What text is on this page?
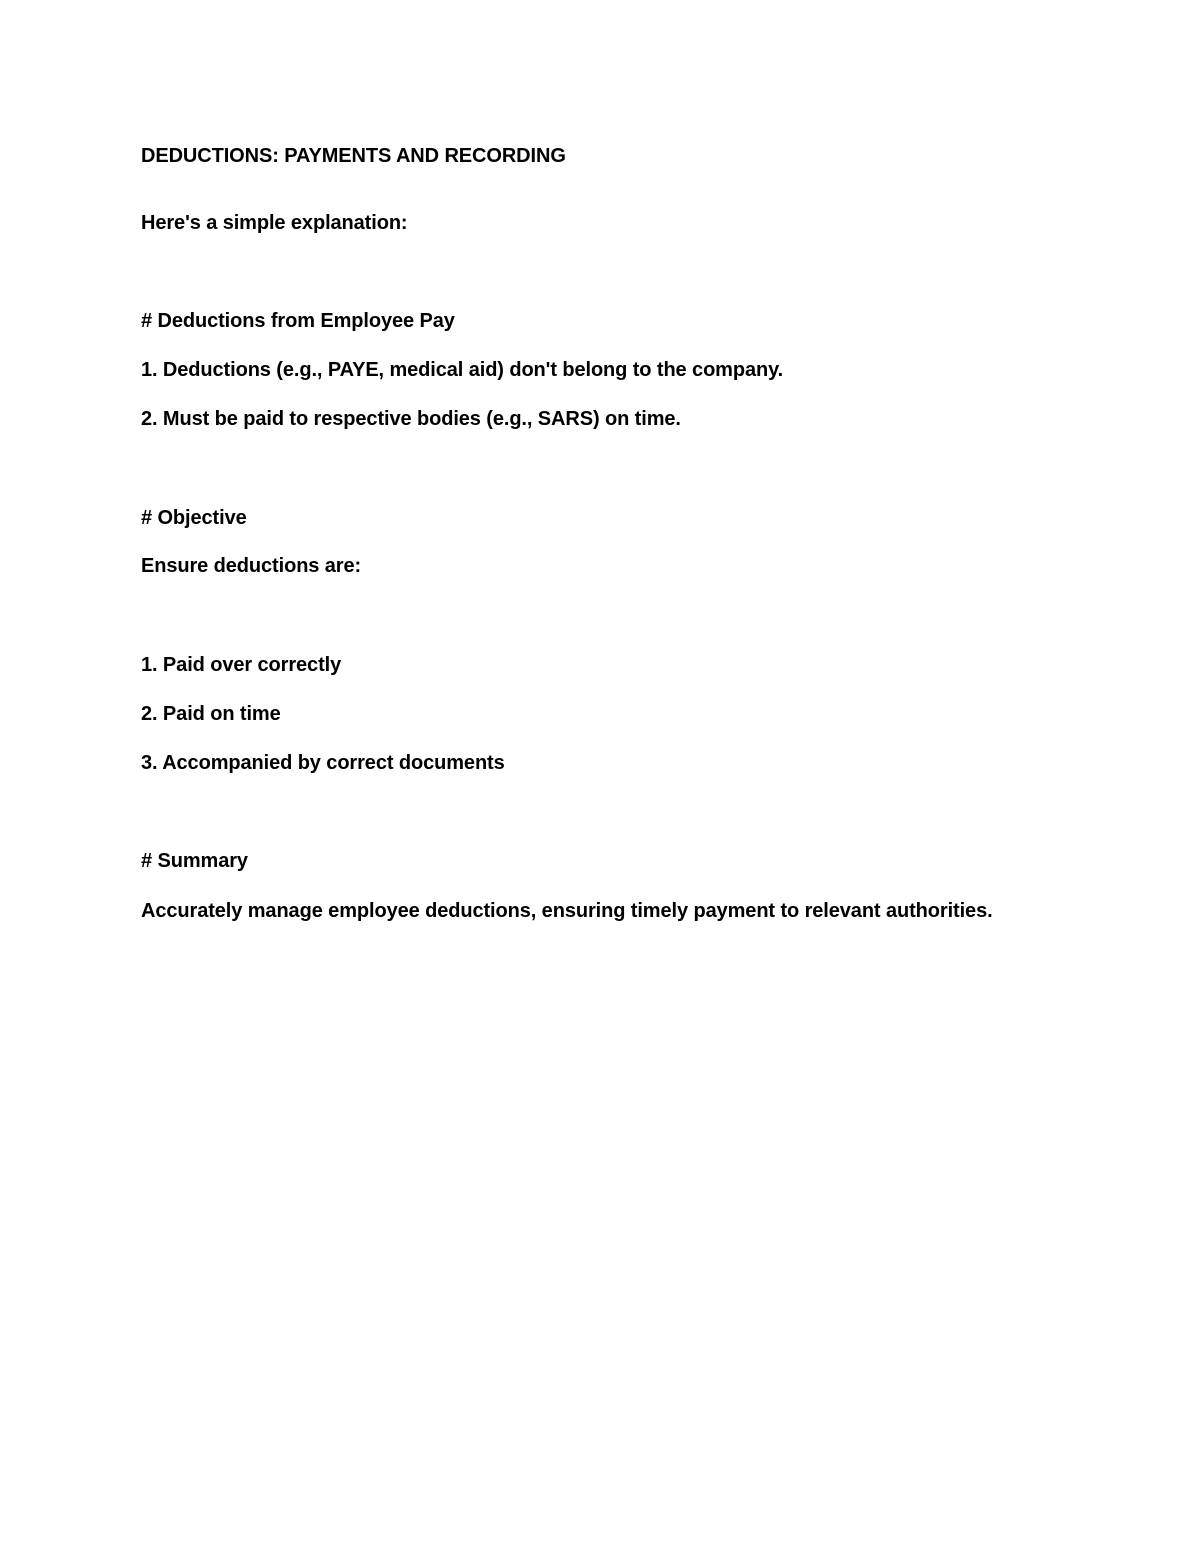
DEDUCTIONS: PAYMENTS AND RECORDING
Here's a simple explanation:
# Deductions from Employee Pay
1. Deductions (e.g., PAYE, medical aid) don't belong to the company.
2. Must be paid to respective bodies (e.g., SARS) on time.
# Objective
Ensure deductions are:
1. Paid over correctly
2. Paid on time
3. Accompanied by correct documents
# Summary
Accurately manage employee deductions, ensuring timely payment to relevant authorities.
